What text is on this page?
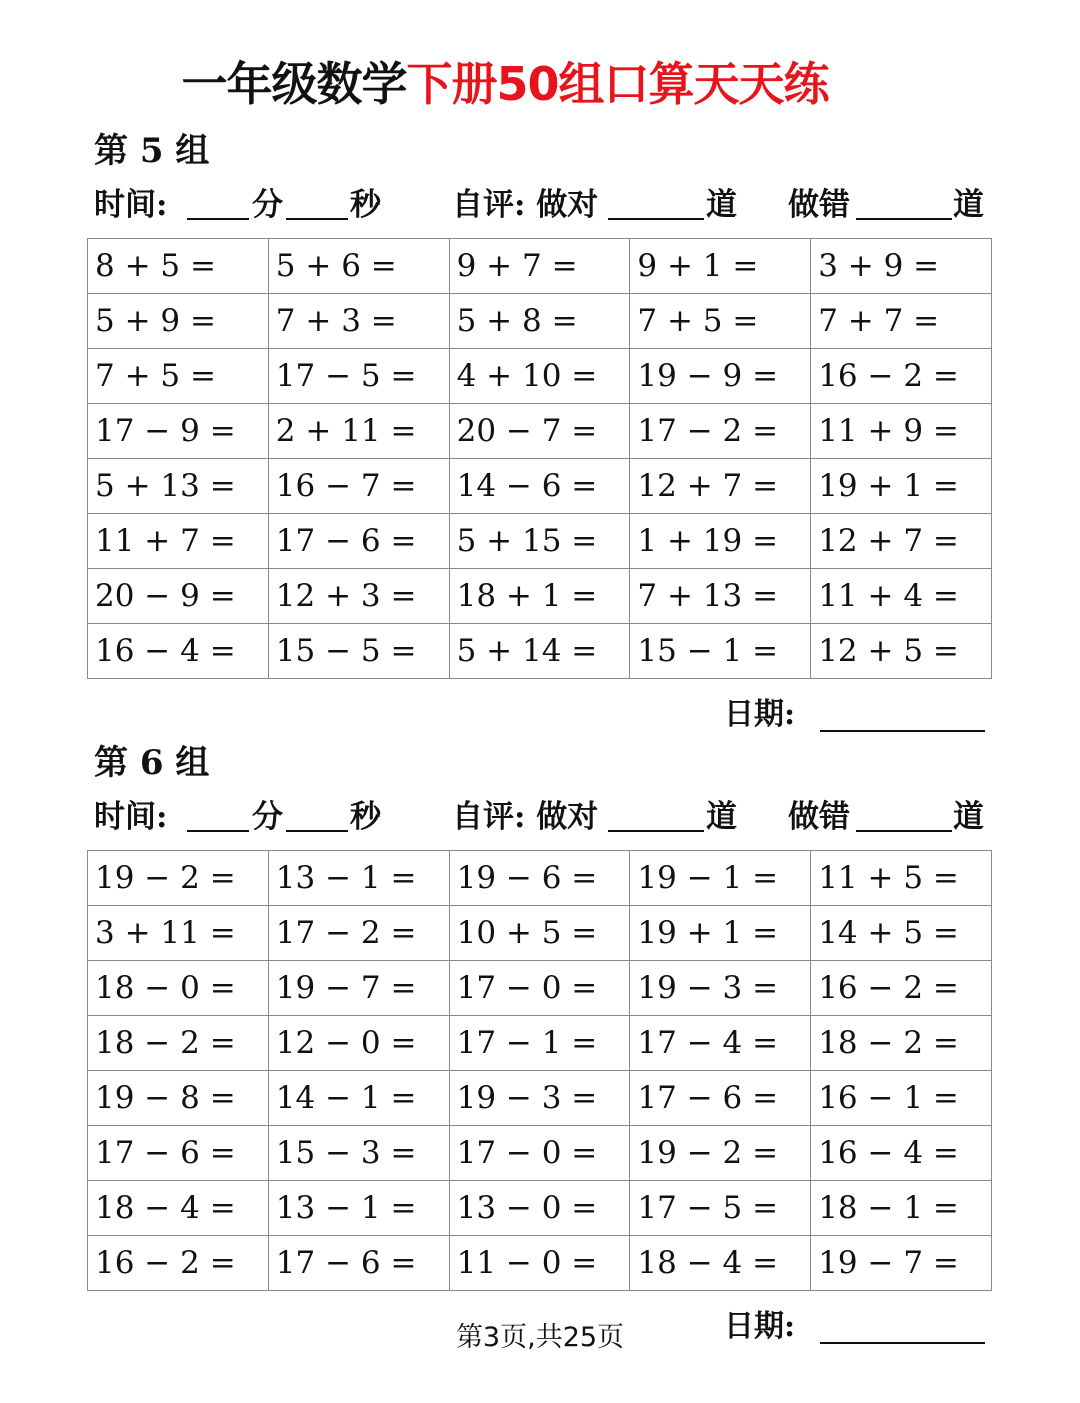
一年级数学下册50组口算天天练
第 5 组
时间:	分 秒 自评: 做对	道 做错	道
8 + 5 =	5 + 6 =	9 + 7 =	9 + 1 =	3 + 9 =
5 + 9 =	7 + 3 =	5 + 8 =	7 + 5 =	7 + 7 =
7 + 5 =	17 − 5 =	4 + 10 =	19 − 9 =	16 − 2 =
17 − 9 =	2 + 11 =	20 − 7 =	17 − 2 =	11 + 9 =
5 + 13 =	16 − 7 =	14 − 6 =	12 + 7 =	19 + 1 =
11 + 7 =	17 − 6 =	5 + 15 =	1 + 19 =	12 + 7 =
20 − 9 =	12 + 3 =	18 + 1 =	7 + 13 =	11 + 4 =
16 − 4 =	15 − 5 =	5 + 14 =	15 − 1 =	12 + 5 =
日期:
第 6 组
时间:	分 秒 自评: 做对	道 做错	道
19 − 2 =	13 − 1 =	19 − 6 =	19 − 1 =	11 + 5 =
3 + 11 =	17 − 2 =	10 + 5 =	19 + 1 =	14 + 5 =
18 − 0 =	19 − 7 =	17 − 0 =	19 − 3 =	16 − 2 =
18 − 2 =	12 − 0 =	17 − 1 =	17 − 4 =	18 − 2 =
19 − 8 =	14 − 1 =	19 − 3 =	17 − 6 =	16 − 1 =
17 − 6 =	15 − 3 =	17 − 0 =	19 − 2 =	16 − 4 =
18 − 4 =	13 − 1 =	13 − 0 =	17 − 5 =	18 − 1 =
16 − 2 =	17 − 6 =	11 − 0 =	18 − 4 =	19 − 7 =
日期:
第3页,共25页
